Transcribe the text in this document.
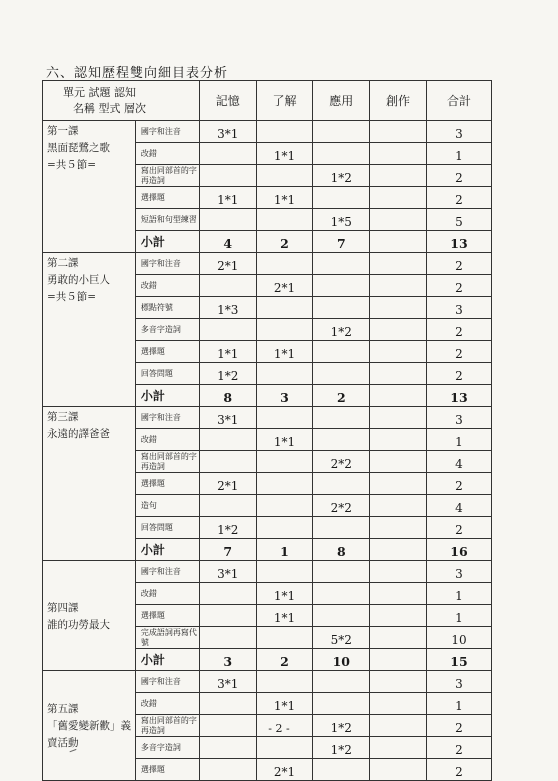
六、認知歷程雙向細目表分析
單元 試題 認知
名稱 型式 層次		記憶	了解	應用	創作	合計

第一課
黑面琵鷺之歌
=共５節=	國字和注音	3*1				3
	改錯		1*1			1
	寫出同部首的字再造詞			1*2		2
	選擇題	1*1	1*1			2
	短語和句型練習			1*5		5
	小計	4	2	7		13

第二課
勇敢的小巨人
=共５節=	國字和注音	2*1				2
	改錯		2*1			2
	標點符號	1*3				3
	多音字造詞			1*2		2
	選擇題	1*1	1*1			2
	回答問題	1*2				2
	小計	8	3	2		13

第三課
永遠的譯爸爸	國字和注音	3*1				3
	改錯		1*1			1
	寫出同部首的字再造詞			2*2		4
	選擇題	2*1				2
	造句			2*2		4
	回答問題	1*2				2
	小計	7	1	8		16

第四課
誰的功勞最大	國字和注音	3*1				3
	改錯		1*1			1
	選擇題		1*1			1
	完成語詞再寫代號			5*2		10
	小計	3	2	10		15

第五課
「舊愛變新歡」義
賣活動	國字和注音	3*1				3
	改錯		1*1			1
	寫出同部首的字再造詞			1*2		2
	多音字造詞			1*2		2
	選擇題		2*1			2
- 2 -
